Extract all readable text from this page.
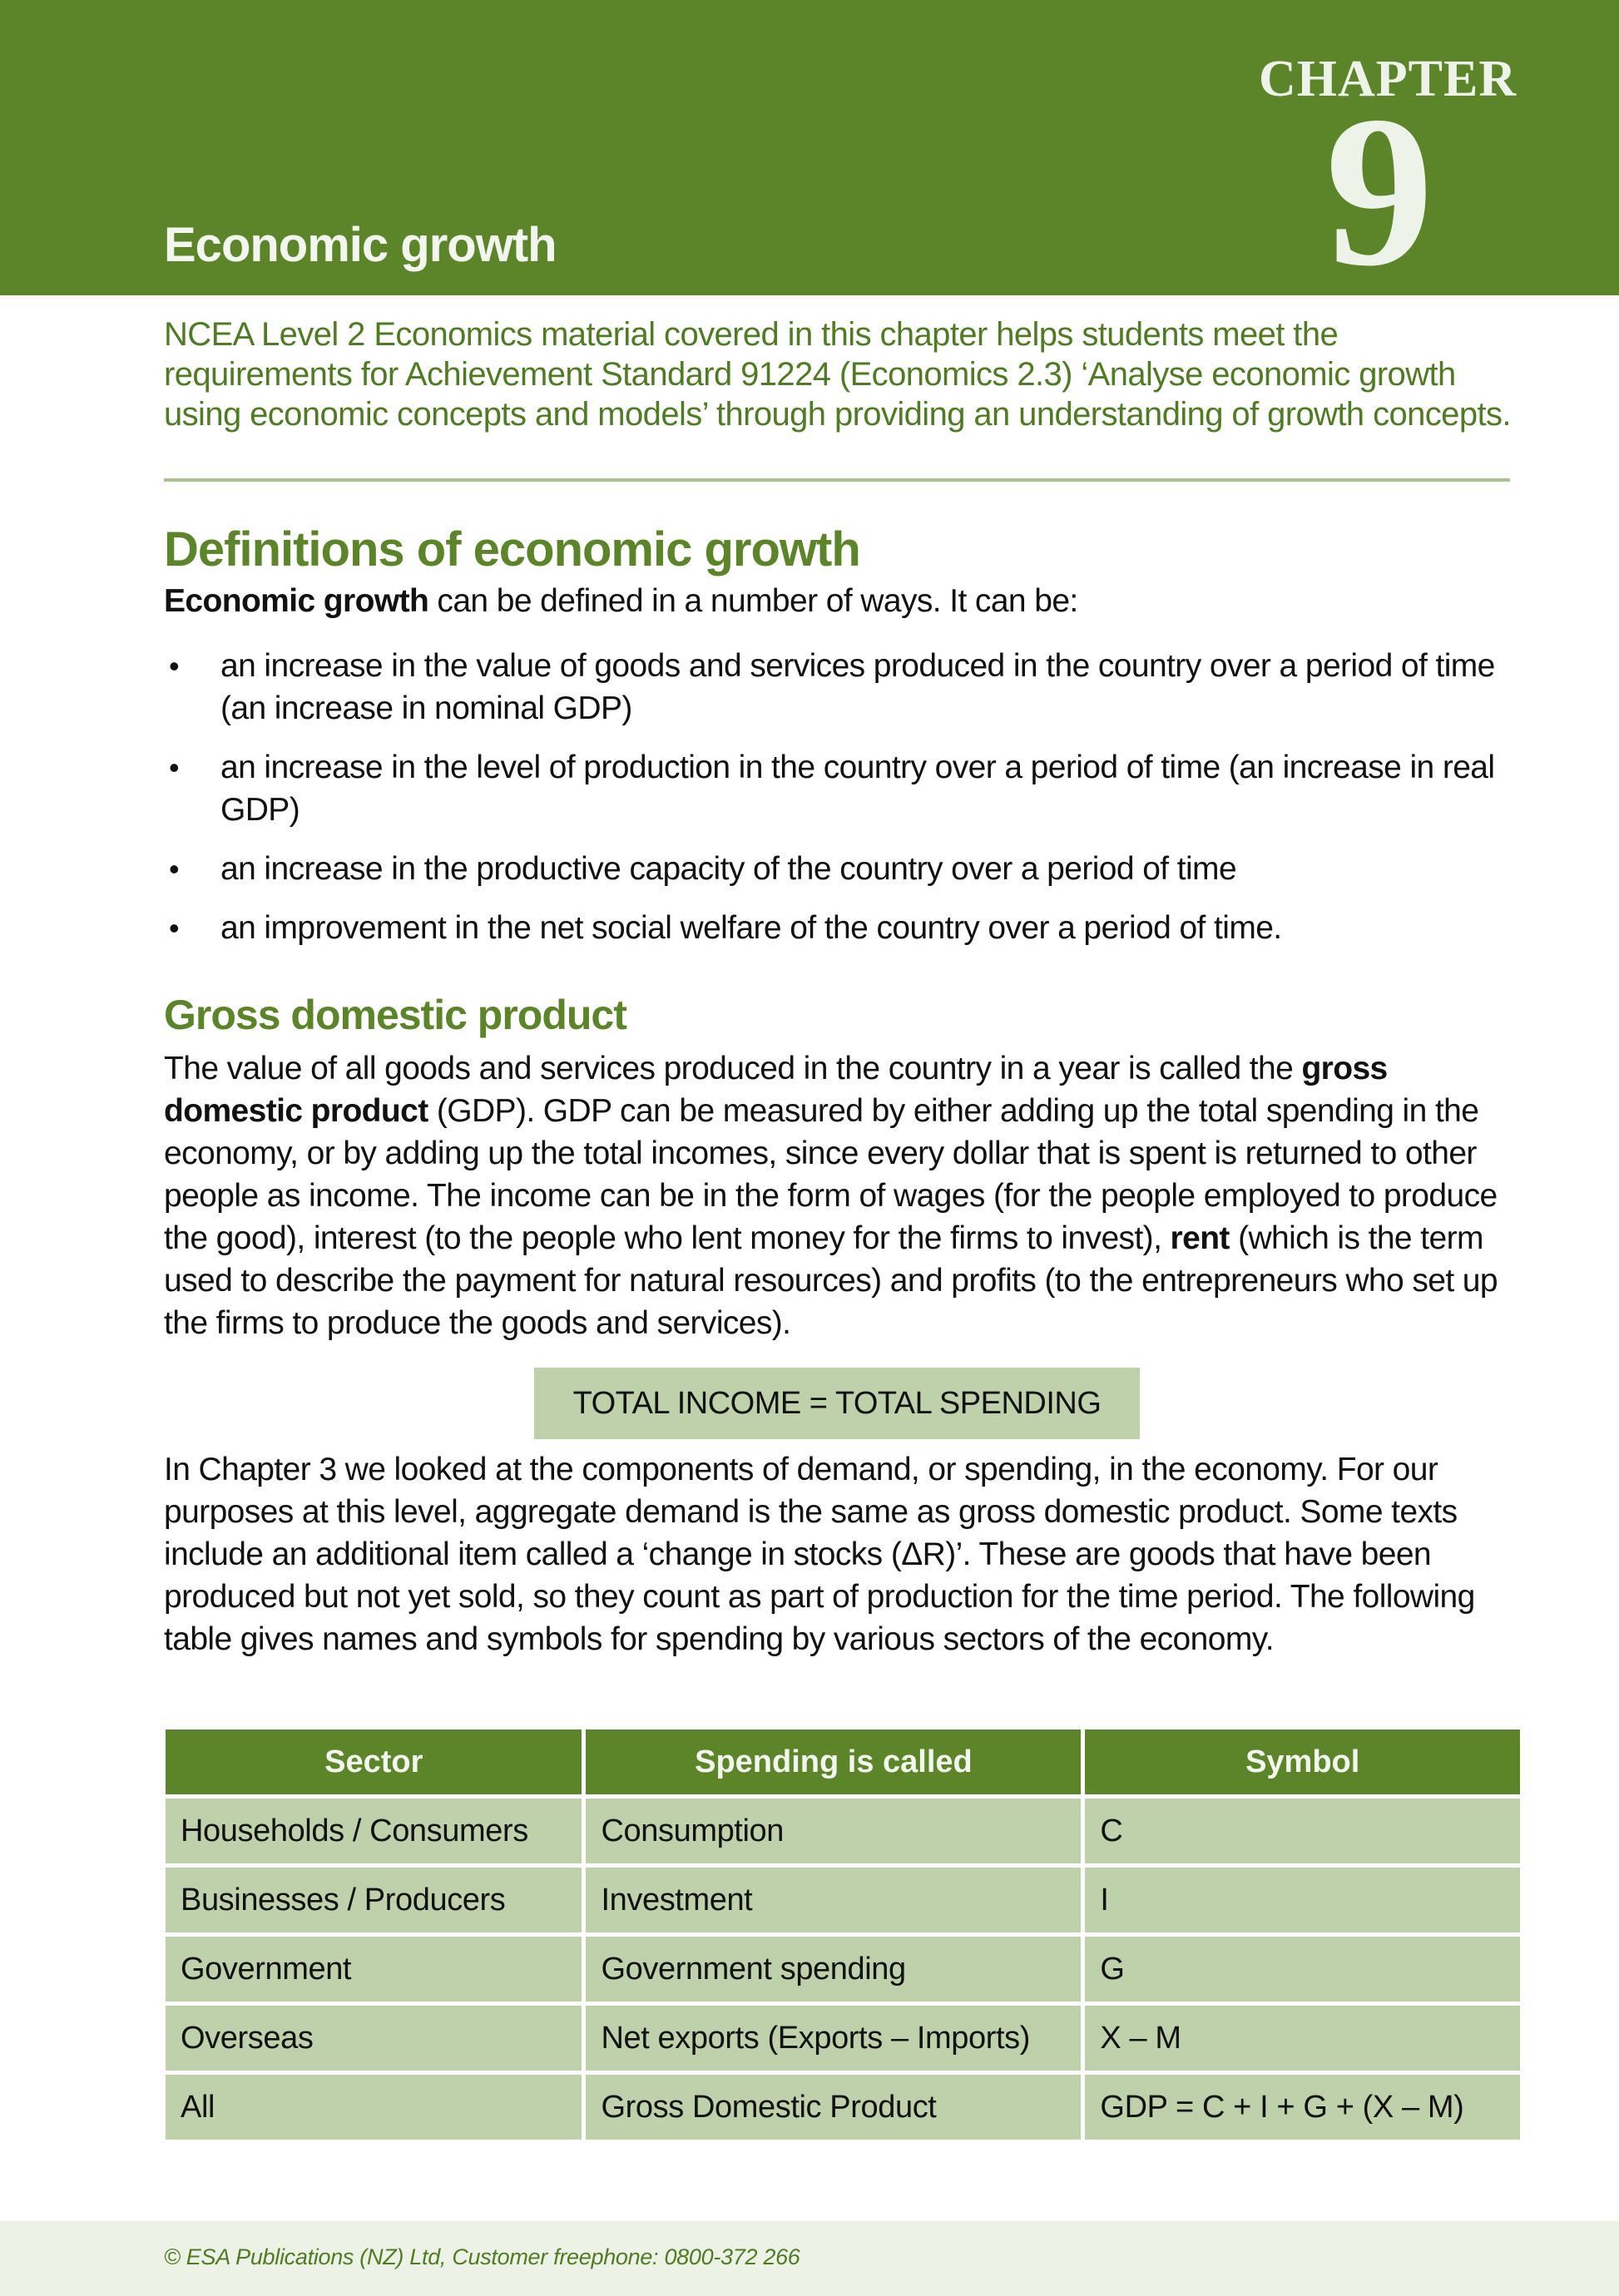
CHAPTER
9
Economic growth
NCEA Level 2 Economics material covered in this chapter helps students meet the requirements for Achievement Standard 91224 (Economics 2.3) ‘Analyse economic growth using economic concepts and models’ through providing an understanding of growth concepts.
Definitions of economic growth
Economic growth can be defined in a number of ways. It can be:
• an increase in the value of goods and services produced in the country over a period of time (an increase in nominal GDP)
• an increase in the level of production in the country over a period of time (an increase in real GDP)
• an increase in the productive capacity of the country over a period of time
• an improvement in the net social welfare of the country over a period of time.
Gross domestic product
The value of all goods and services produced in the country in a year is called the gross domestic product (GDP). GDP can be measured by either adding up the total spending in the economy, or by adding up the total incomes, since every dollar that is spent is returned to other people as income. The income can be in the form of wages (for the people employed to produce the good), interest (to the people who lent money for the firms to invest), rent (which is the term used to describe the payment for natural resources) and profits (to the entrepreneurs who set up the firms to produce the goods and services).
TOTAL INCOME = TOTAL SPENDING
In Chapter 3 we looked at the components of demand, or spending, in the economy. For our purposes at this level, aggregate demand is the same as gross domestic product. Some texts include an additional item called a ‘change in stocks (ΔR)’. These are goods that have been produced but not yet sold, so they count as part of production for the time period. The following table gives names and symbols for spending by various sectors of the economy.
Sector	Spending is called	Symbol
Households / Consumers	Consumption	C
Businesses / Producers	Investment	I
Government	Government spending	G
Overseas	Net exports (Exports – Imports)	X – M
All	Gross Domestic Product	GDP = C + I + G + (X – M)
© ESA Publications (NZ) Ltd, Customer freephone: 0800-372 266
